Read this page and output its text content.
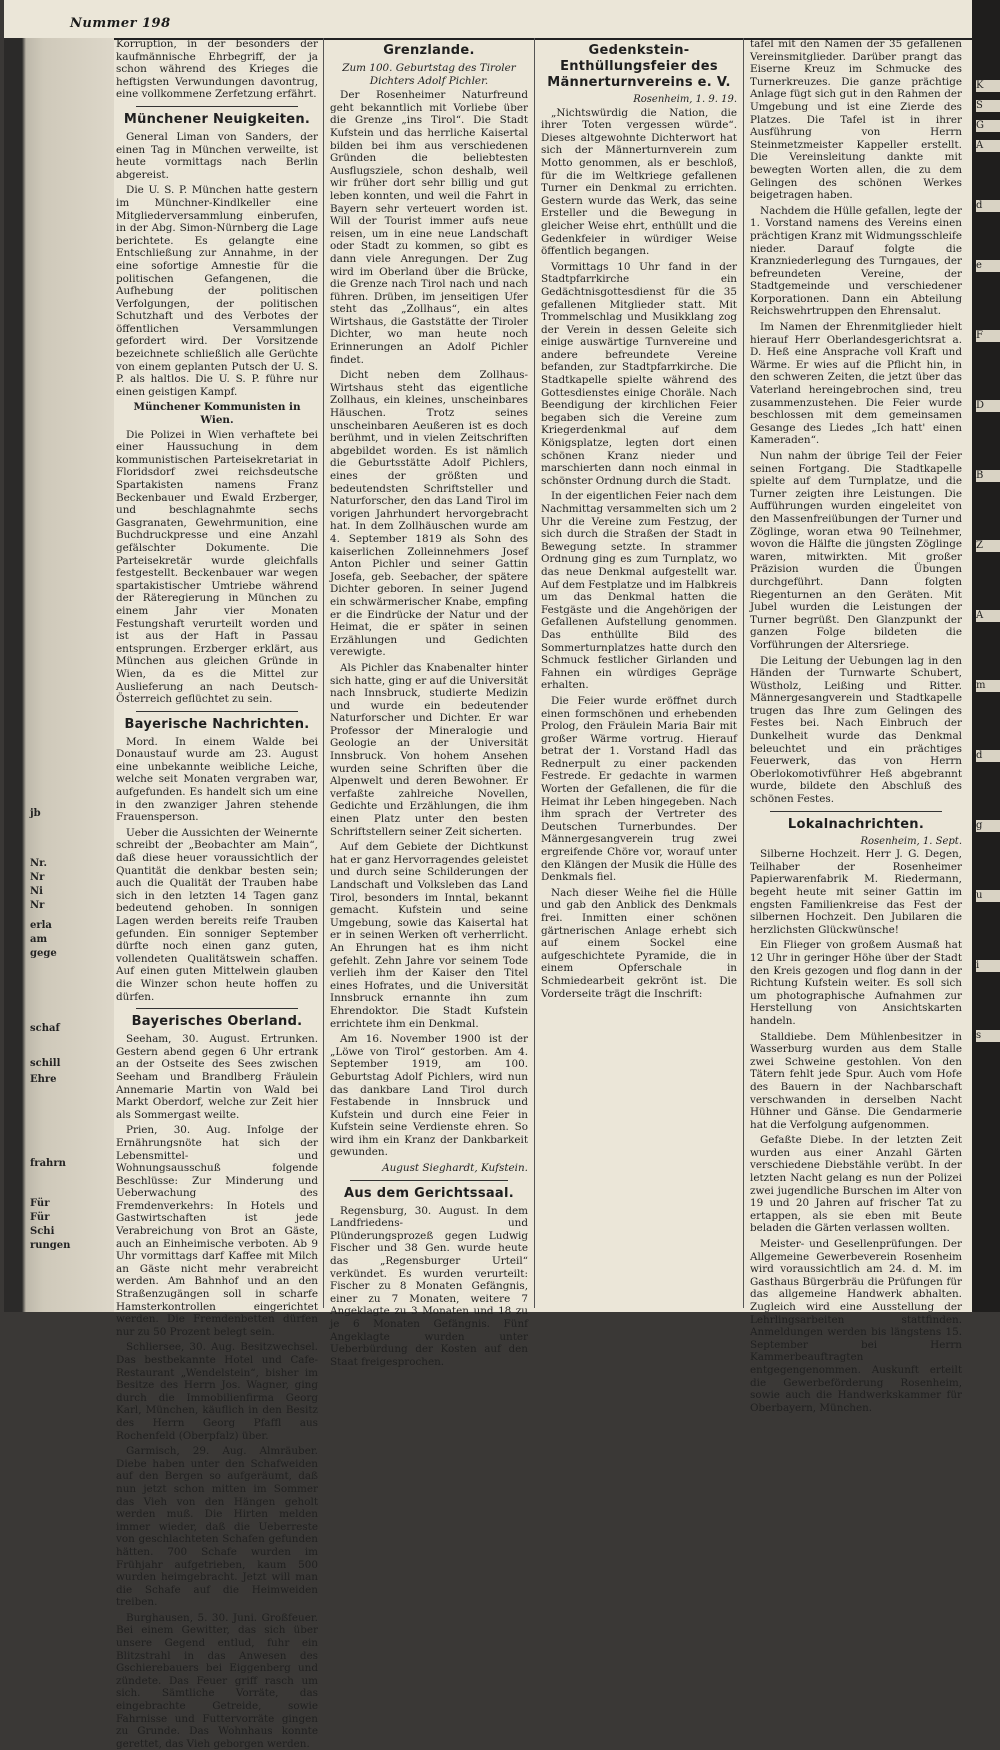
Nummer 198
jb
erla
am
gege
Nr.
Nr
Ni
Nr
schaf
schill
Ehre
frahrn
Für
Für
Schi
rungen

Korruption, in der besonders der kaufmännische Ehrbegriff, der ja schon während des Krieges die heftigsten Verwundungen davontrug, eine vollkommene Zerfetzung erfährt.

Münchener Neuigkeiten.

General Liman von Sanders, der einen Tag in München verweilte, ist heute vormittags nach Berlin abgereist.

Die U. S. P. München hatte gestern im Münchner-Kindlkeller eine Mitgliederversammlung einberufen, in der Abg. Simon-Nürnberg die Lage berichtete. Es gelangte eine Entschließung zur Annahme, in der eine sofortige Amnestie für die politischen Gefangenen, die Aufhebung der politischen Verfolgungen, der politischen Schutzhaft und des Verbotes der öffentlichen Versammlungen gefordert wird. Der Vorsitzende bezeichnete schließlich alle Gerüchte von einem geplanten Putsch der U. S. P. als haltlos. Die U. S. P. führe nur einen geistigen Kampf.

Münchener Kommunisten in Wien.

Die Polizei in Wien verhaftete bei einer Haussuchung in dem kommunistischen Parteisekretariat in Floridsdorf zwei reichsdeutsche Spartakisten namens Franz Beckenbauer und Ewald Erzberger, und beschlagnahmte sechs Gasgranaten, Gewehrmunition, eine Buchdruckpresse und eine Anzahl gefälschter Dokumente. Die Parteisekretär wurde gleichfalls festgestellt. Beckenbauer war wegen spartakistischer Umtriebe während der Räteregierung in München zu einem Jahr vier Monaten Festungshaft verurteilt worden und ist aus der Haft in Passau entsprungen. Erzberger erklärt, aus München aus gleichen Gründe in Wien, da es die Mittel zur Auslieferung an nach Deutsch-Österreich geflüchtet zu sein.

Bayerische Nachrichten.

Mord. In einem Walde bei Donaustauf wurde am 23. August eine unbekannte weibliche Leiche, welche seit Monaten vergraben war, aufgefunden. Es handelt sich um eine in den zwanziger Jahren stehende Frauensperson.

Ueber die Aussichten der Weinernte schreibt der „Beobachter am Main“, daß diese heuer voraussichtlich der Quantität die denkbar besten sein; auch die Qualität der Trauben habe sich in den letzten 14 Tagen ganz bedeutend gehoben. In sonnigen Lagen werden bereits reife Trauben gefunden. Ein sonniger September dürfte noch einen ganz guten, vollendeten Qualitätswein schaffen. Auf einen guten Mittelwein glauben die Winzer schon heute hoffen zu dürfen.

Bayerisches Oberland.

Seeham, 30. August. Ertrunken. Gestern abend gegen 6 Uhr ertrank an der Ostseite des Sees zwischen Seeham und Brandlberg Fräulein Annemarie Martin von Wald bei Markt Oberdorf, welche zur Zeit hier als Sommergast weilte.

Prien, 30. Aug. Infolge der Ernährungsnöte hat sich der Lebensmittel- und Wohnungsausschuß folgende Beschlüsse: Zur Minderung und Ueberwachung des Fremdenverkehrs: In Hotels und Gastwirtschaften ist jede Verabreichung von Brot an Gäste, auch an Einheimische verboten. Ab 9 Uhr vormittags darf Kaffee mit Milch an Gäste nicht mehr verabreicht werden. Am Bahnhof und an den Straßenzugängen soll in scharfe Hamsterkontrollen eingerichtet werden. Die Fremdenbetten dürfen nur zu 50 Prozent belegt sein.

Schliersee, 30. Aug. Besitzwechsel. Das bestbekannte Hotel und Cafe-Restaurant „Wendelstein“, bisher im Besitze des Herrn Jos. Wagner, ging durch die Immobilienfirma Georg Karl, München, käuflich in den Besitz des Herrn Georg Pfaffl aus Rochenfeld (Oberpfalz) über.

Garmisch, 29. Aug. Almräuber. Diebe haben unter den Schafweiden auf den Bergen so aufgeräumt, daß nun jetzt schon mitten im Sommer das Vieh von den Hängen geholt werden muß. Die Hirten melden immer wieder, daß die Ueberreste von geschlachteten Schafen gefunden hätten. 700 Schafe wurden im Frühjahr aufgetrieben, kaum 500 wurden heimgebracht. Jetzt will man die Schafe auf die Heimweiden treiben.

Burghausen, 5. 30. Juni. Großfeuer. Bei einem Gewitter, das sich über unsere Gegend entlud, fuhr ein Blitzstrahl in das Anwesen des Gschierebauers bei Eiggenberg und zündete. Das Feuer griff rasch um sich. Sämtliche Vorräte, das eingebrachte Getreide, sowie Fahrnisse und Futtervorräte gingen zu Grunde. Das Wohnhaus konnte gerettet, das Vieh geborgen werden.

Grenzlande.
Zum 100. Geburtstag des Tiroler Dichters Adolf Pichler.

Der Rosenheimer Naturfreund geht bekanntlich mit Vorliebe über die Grenze „ins Tirol“. Die Stadt Kufstein und das herrliche Kaisertal bilden bei ihm aus verschiedenen Gründen die beliebtesten Ausflugsziele, schon deshalb, weil wir früher dort sehr billig und gut leben konnten, und weil die Fahrt in Bayern sehr verteuert worden ist. Will der Tourist immer aufs neue reisen, um in eine neue Landschaft oder Stadt zu kommen, so gibt es dann viele Anregungen. Der Zug wird im Oberland über die Brücke, die Grenze nach Tirol nach und nach führen. Drüben, im jenseitigen Ufer steht das „Zollhaus“, ein altes Wirtshaus, die Gaststätte der Tiroler Dichter, wo man heute noch Erinnerungen an Adolf Pichler findet.

Dicht neben dem Zollhaus-Wirtshaus steht das eigentliche Zollhaus, ein kleines, unscheinbares Häuschen. Trotz seines unscheinbaren Aeußeren ist es doch berühmt, und in vielen Zeitschriften abgebildet worden. Es ist nämlich die Geburtsstätte Adolf Pichlers, eines der größten und bedeutendsten Schriftsteller und Naturforscher, den das Land Tirol im vorigen Jahrhundert hervorgebracht hat. In dem Zollhäuschen wurde am 4. September 1819 als Sohn des kaiserlichen Zolleinnehmers Josef Anton Pichler und seiner Gattin Josefa, geb. Seebacher, der spätere Dichter geboren. In seiner Jugend ein schwärmerischer Knabe, empfing er die Eindrücke der Natur und der Heimat, die er später in seinen Erzählungen und Gedichten verewigte.

Als Pichler das Knabenalter hinter sich hatte, ging er auf die Universität nach Innsbruck, studierte Medizin und wurde ein bedeutender Naturforscher und Dichter. Er war Professor der Mineralogie und Geologie an der Universität Innsbruck. Von hohem Ansehen wurden seine Schriften über die Alpenwelt und deren Bewohner. Er verfaßte zahlreiche Novellen, Gedichte und Erzählungen, die ihm einen Platz unter den besten Schriftstellern seiner Zeit sicherten.

Auf dem Gebiete der Dichtkunst hat er ganz Hervorragendes geleistet und durch seine Schilderungen der Landschaft und Volksleben das Land Tirol, besonders im Inntal, bekannt gemacht. Kufstein und seine Umgebung, sowie das Kaisertal hat er in seinen Werken oft verherrlicht. An Ehrungen hat es ihm nicht gefehlt. Zehn Jahre vor seinem Tode verlieh ihm der Kaiser den Titel eines Hofrates, und die Universität Innsbruck ernannte ihn zum Ehrendoktor. Die Stadt Kufstein errichtete ihm ein Denkmal.

Am 16. November 1900 ist der „Löwe von Tirol“ gestorben. Am 4. September 1919, am 100. Geburtstag Adolf Pichlers, wird nun das dankbare Land Tirol durch Festabende in Innsbruck und Kufstein und durch eine Feier in Kufstein seine Verdienste ehren. So wird ihm ein Kranz der Dankbarkeit gewunden.

August Sieghardt, Kufstein.
Aus dem Gerichtssaal.

Regensburg, 30. August. In dem Landfriedens- und Plünderungsprozeß gegen Ludwig Fischer und 38 Gen. wurde heute das „Regensburger Urteil“ verkündet. Es wurden verurteilt: Fischer zu 8 Monaten Gefängnis, einer zu 7 Monaten, weitere 7 Angeklagte zu 3 Monaten und 18 zu je 6 Monaten Gefängnis. Fünf Angeklagte wurden unter Ueberbürdung der Kosten auf den Staat freigesprochen.

Gedenkstein-Enthüllungsfeier des Männerturnvereins e. V.
Rosenheim, 1. 9. 19.

„Nichtswürdig die Nation, die ihrer Toten vergessen würde“. Dieses altgewohnte Dichterwort hat sich der Männerturnverein zum Motto genommen, als er beschloß, für die im Weltkriege gefallenen Turner ein Denkmal zu errichten. Gestern wurde das Werk, das seine Ersteller und die Bewegung in gleicher Weise ehrt, enthüllt und die Gedenkfeier in würdiger Weise öffentlich begangen.

Vormittags 10 Uhr fand in der Stadtpfarrkirche ein Gedächtnisgottesdienst für die 35 gefallenen Mitglieder statt. Mit Trommelschlag und Musikklang zog der Verein in dessen Geleite sich einige auswärtige Turnvereine und andere befreundete Vereine befanden, zur Stadtpfarrkirche. Die Stadtkapelle spielte während des Gottesdienstes einige Choräle. Nach Beendigung der kirchlichen Feier begaben sich die Vereine zum Kriegerdenkmal auf dem Königsplatze, legten dort einen schönen Kranz nieder und marschierten dann noch einmal in schönster Ordnung durch die Stadt.

In der eigentlichen Feier nach dem Nachmittag versammelten sich um 2 Uhr die Vereine zum Festzug, der sich durch die Straßen der Stadt in Bewegung setzte. In strammer Ordnung ging es zum Turnplatz, wo das neue Denkmal aufgestellt war. Auf dem Festplatze und im Halbkreis um das Denkmal hatten die Festgäste und die Angehörigen der Gefallenen Aufstellung genommen. Das enthüllte Bild des Sommerturnplatzes hatte durch den Schmuck festlicher Girlanden und Fahnen ein würdiges Gepräge erhalten.

Die Feier wurde eröffnet durch einen formschönen und erhebenden Prolog, den Fräulein Maria Bair mit großer Wärme vortrug. Hierauf betrat der 1. Vorstand Hadl das Rednerpult zu einer packenden Festrede. Er gedachte in warmen Worten der Gefallenen, die für die Heimat ihr Leben hingegeben. Nach ihm sprach der Vertreter des Deutschen Turnerbundes. Der Männergesangverein trug zwei ergreifende Chöre vor, worauf unter den Klängen der Musik die Hülle des Denkmals fiel.

Nach dieser Weihe fiel die Hülle und gab den Anblick des Denkmals frei. Inmitten einer schönen gärtnerischen Anlage erhebt sich auf einem Sockel eine aufgeschichtete Pyramide, die in einem Opferschale in Schmiedearbeit gekrönt ist. Die Vorderseite trägt die Inschrift:

tafel mit den Namen der 35 gefallenen Vereinsmitglieder. Darüber prangt das Eiserne Kreuz im Schmucke des Turnerkreuzes. Die ganze prächtige Anlage fügt sich gut in den Rahmen der Umgebung und ist eine Zierde des Platzes. Die Tafel ist in ihrer Ausführung von Herrn Steinmetzmeister Kappeller erstellt. Die Vereinsleitung dankte mit bewegten Worten allen, die zu dem Gelingen des schönen Werkes beigetragen haben.

Nachdem die Hülle gefallen, legte der 1. Vorstand namens des Vereins einen prächtigen Kranz mit Widmungsschleife nieder. Darauf folgte die Kranzniederlegung des Turngaues, der befreundeten Vereine, der Stadtgemeinde und verschiedener Korporationen. Dann ein Abteilung Reichswehrtruppen den Ehrensalut.

Im Namen der Ehrenmitglieder hielt hierauf Herr Oberlandesgerichtsrat a. D. Heß eine Ansprache voll Kraft und Wärme. Er wies auf die Pflicht hin, in den schweren Zeiten, die jetzt über das Vaterland hereingebrochen sind, treu zusammenzustehen. Die Feier wurde beschlossen mit dem gemeinsamen Gesange des Liedes „Ich hatt' einen Kameraden“.

Nun nahm der übrige Teil der Feier seinen Fortgang. Die Stadtkapelle spielte auf dem Turnplatze, und die Turner zeigten ihre Leistungen. Die Aufführungen wurden eingeleitet von den Massenfreiübungen der Turner und Zöglinge, woran etwa 90 Teilnehmer, wovon die Hälfte die jüngsten Zöglinge waren, mitwirkten. Mit großer Präzision wurden die Übungen durchgeführt. Dann folgten Riegenturnen an den Geräten. Mit Jubel wurden die Leistungen der Turner begrüßt. Den Glanzpunkt der ganzen Folge bildeten die Vorführungen der Altersriege.

Die Leitung der Uebungen lag in den Händen der Turnwarte Schubert, Wüstholz, Leißing und Ritter. Männergesangverein und Stadtkapelle trugen das Ihre zum Gelingen des Festes bei. Nach Einbruch der Dunkelheit wurde das Denkmal beleuchtet und ein prächtiges Feuerwerk, das von Herrn Oberlokomotivführer Heß abgebrannt wurde, bildete den Abschluß des schönen Festes.

Lokalnachrichten.
Rosenheim, 1. Sept.

Silberne Hochzeit. Herr J. G. Degen, Teilhaber der Rosenheimer Papierwarenfabrik M. Riedermann, begeht heute mit seiner Gattin im engsten Familienkreise das Fest der silbernen Hochzeit. Den Jubilaren die herzlichsten Glückwünsche!

Ein Flieger von großem Ausmaß hat 12 Uhr in geringer Höhe über der Stadt den Kreis gezogen und flog dann in der Richtung Kufstein weiter. Es soll sich um photographische Aufnahmen zur Herstellung von Ansichtskarten handeln.

Stalldiebe. Dem Mühlenbesitzer in Wasserburg wurden aus dem Stalle zwei Schweine gestohlen. Von den Tätern fehlt jede Spur. Auch vom Hofe des Bauern in der Nachbarschaft verschwanden in derselben Nacht Hühner und Gänse. Die Gendarmerie hat die Verfolgung aufgenommen.

Gefaßte Diebe. In der letzten Zeit wurden aus einer Anzahl Gärten verschiedene Diebstähle verübt. In der letzten Nacht gelang es nun der Polizei zwei jugendliche Burschen im Alter von 19 und 20 Jahren auf frischer Tat zu ertappen, als sie eben mit Beute beladen die Gärten verlassen wollten.

Meister- und Gesellenprüfungen. Der Allgemeine Gewerbeverein Rosenheim wird voraussichtlich am 24. d. M. im Gasthaus Bürgerbräu die Prüfungen für das allgemeine Handwerk abhalten. Zugleich wird eine Ausstellung der Lehrlingsarbeiten stattfinden. Anmeldungen werden bis längstens 15. September bei Herrn Kammerbeauftragten entgegengenommen. Auskunft erteilt die Gewerbeförderung Rosenheim, sowie auch die Handwerkskammer für Oberbayern, München.

K
S
G
A
d
e
F
D
B
Z
A
m
d
g
u
i
s
